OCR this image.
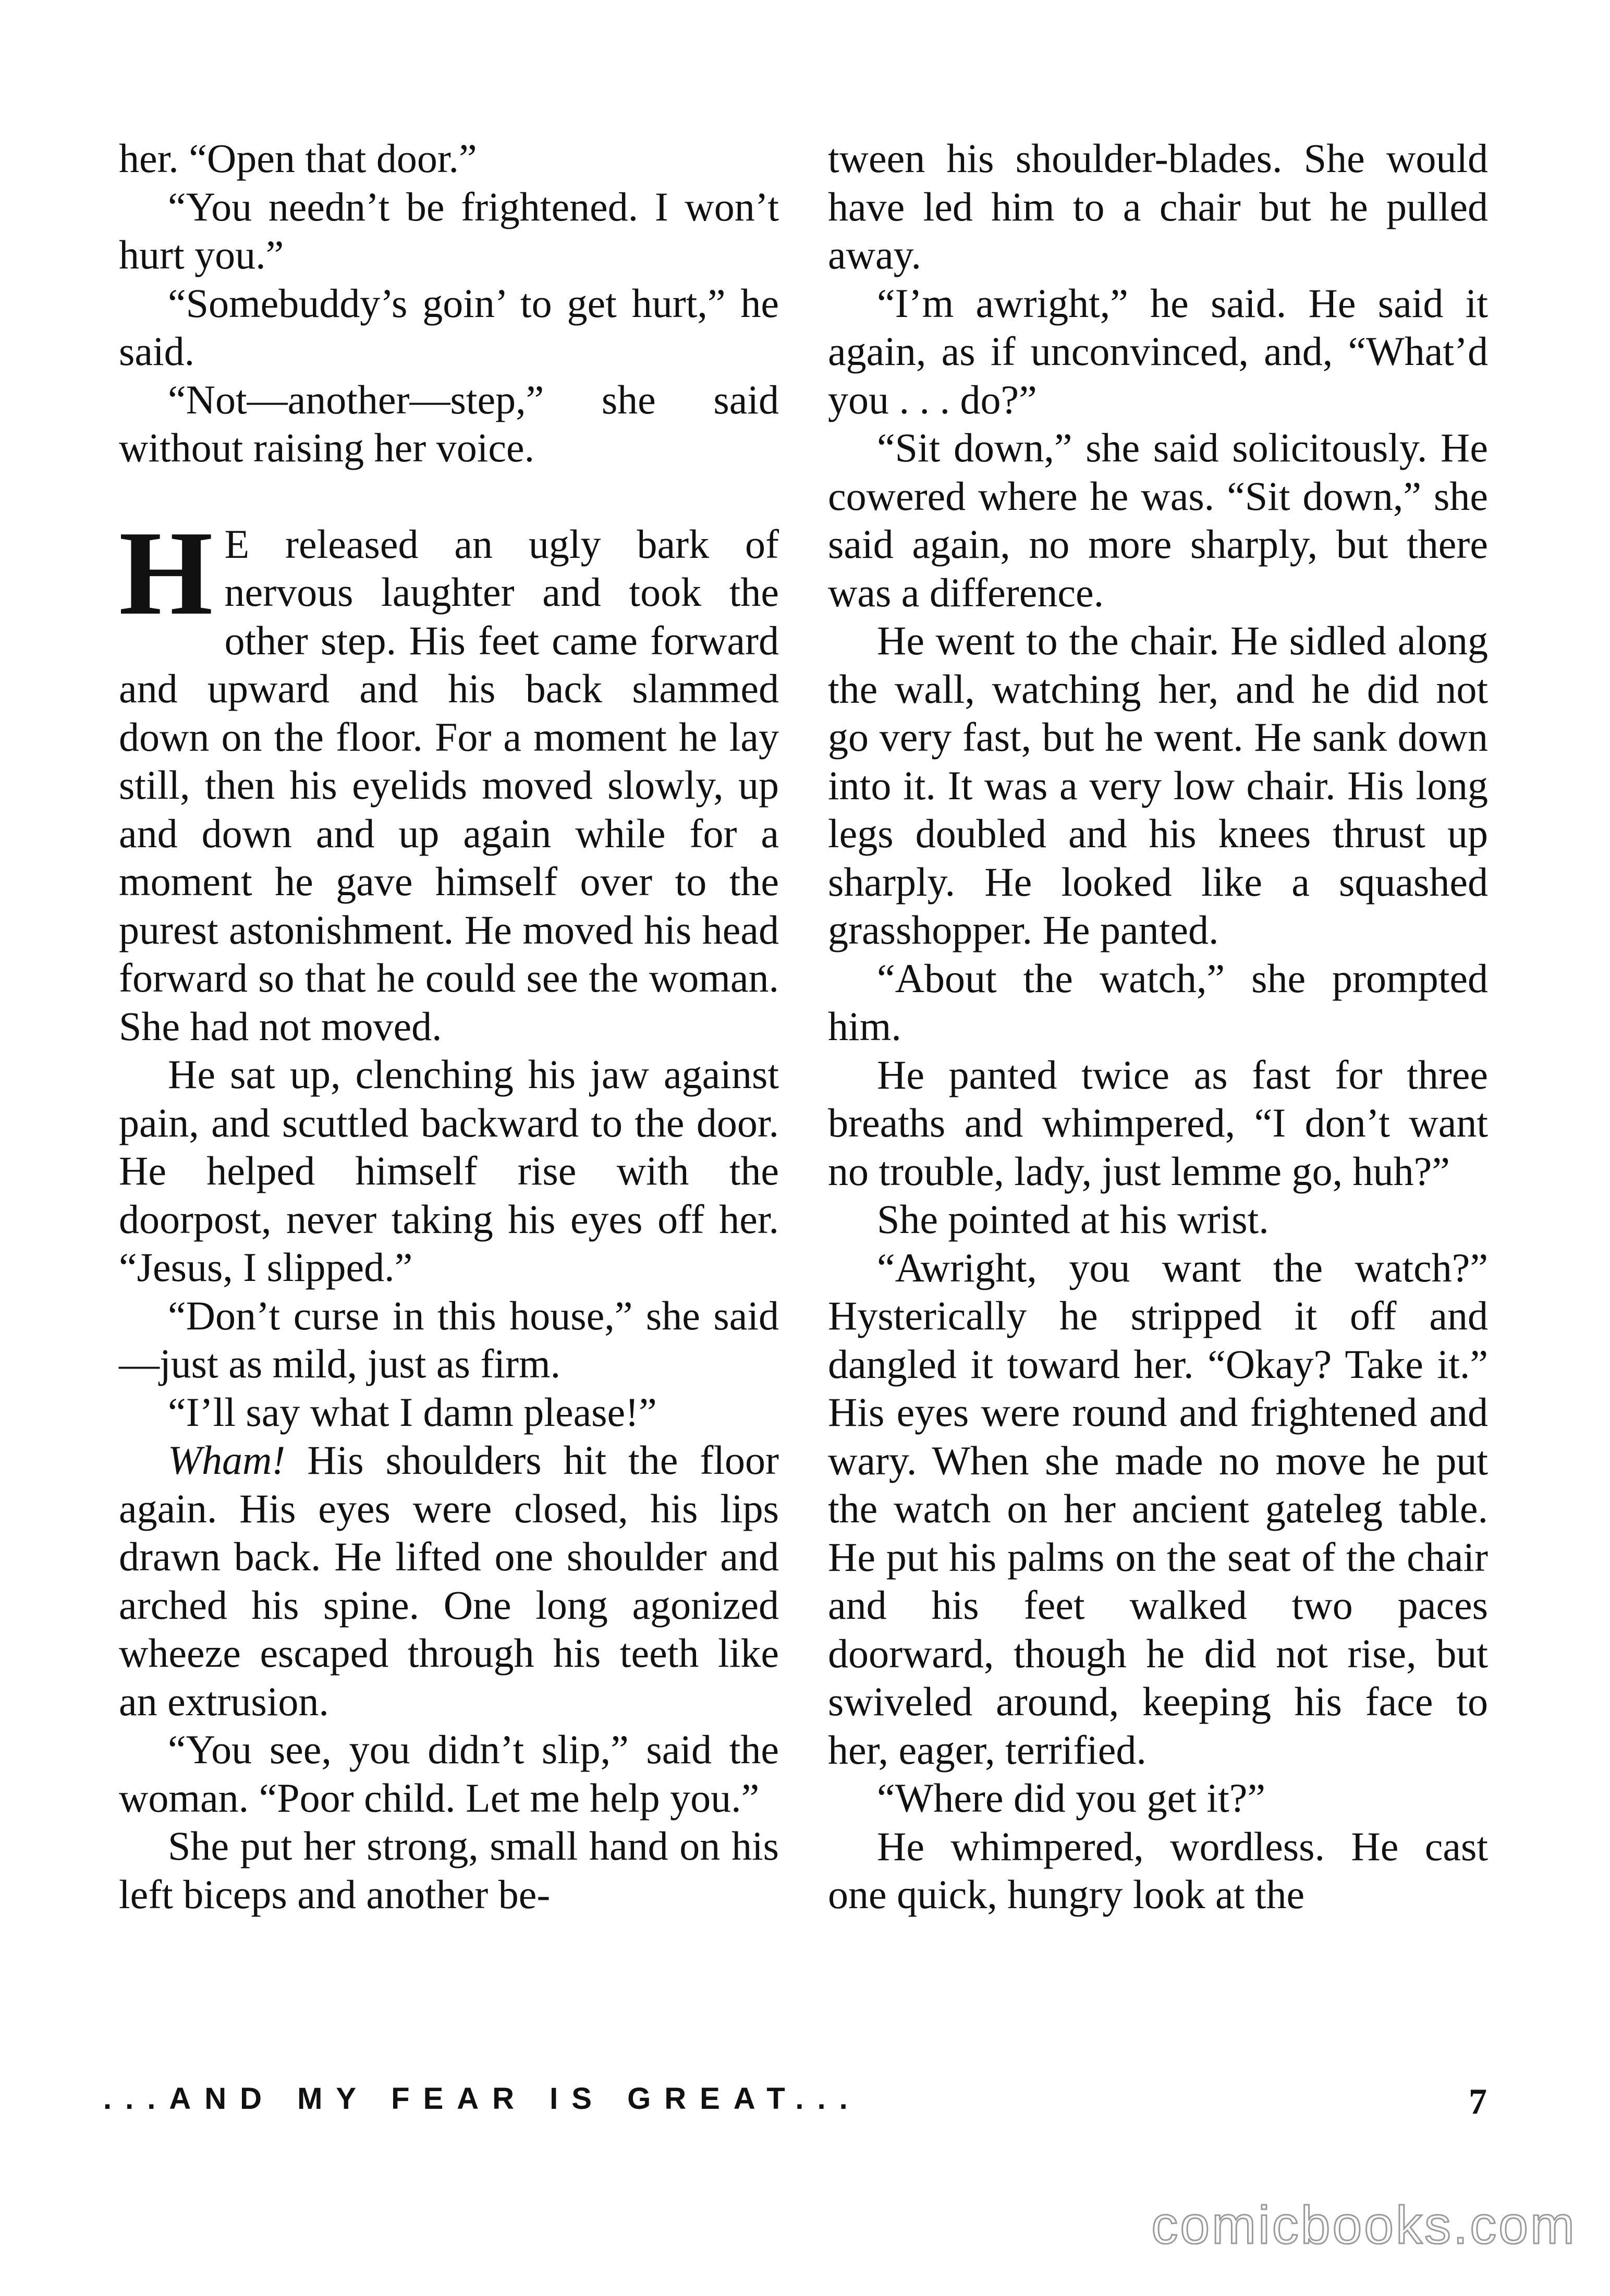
her. “Open that door.”

“You needn’t be frightened. I won’t hurt you.”

“Somebuddy’s goin’ to get hurt,” he said.

“Not—another—step,” she said without raising her voice.

H E released an ugly bark of nervous laughter and took the other step. His feet came forward and upward and his back slammed down on the floor. For a moment he lay still, then his eyelids moved slowly, up and down and up again while for a moment he gave himself over to the purest astonishment. He moved his head forward so that he could see the woman. She had not moved.

He sat up, clenching his jaw against pain, and scuttled backward to the door. He helped himself rise with the doorpost, never taking his eyes off her. “Jesus, I slipped.”

“Don’t curse in this house,” she said—just as mild, just as firm.

“I’ll say what I damn please!”

Wham! His shoulders hit the floor again. His eyes were closed, his lips drawn back. He lifted one shoulder and arched his spine. One long agonized wheeze escaped through his teeth like an extrusion.

“You see, you didn’t slip,” said the woman. “Poor child. Let me help you.”

She put her strong, small hand on his left biceps and another be-

tween his shoulder-blades. She would have led him to a chair but he pulled away.

“I’m awright,” he said. He said it again, as if unconvinced, and, “What’d you . . . do?”

“Sit down,” she said solicitously. He cowered where he was. “Sit down,” she said again, no more sharply, but there was a difference.

He went to the chair. He sidled along the wall, watching her, and he did not go very fast, but he went. He sank down into it. It was a very low chair. His long legs doubled and his knees thrust up sharply. He looked like a squashed grasshopper. He panted.

“About the watch,” she prompted him.

He panted twice as fast for three breaths and whimpered, “I don’t want no trouble, lady, just lemme go, huh?”

She pointed at his wrist.

“Awright, you want the watch?” Hysterically he stripped it off and dangled it toward her. “Okay? Take it.” His eyes were round and frightened and wary. When she made no move he put the watch on her ancient gateleg table. He put his palms on the seat of the chair and his feet walked two paces doorward, though he did not rise, but swiveled around, keeping his face to her, eager, terrified.

“Where did you get it?”

He whimpered, wordless. He cast one quick, hungry look at the

...AND MY FEAR IS GREAT...	7
comicbooks.com
